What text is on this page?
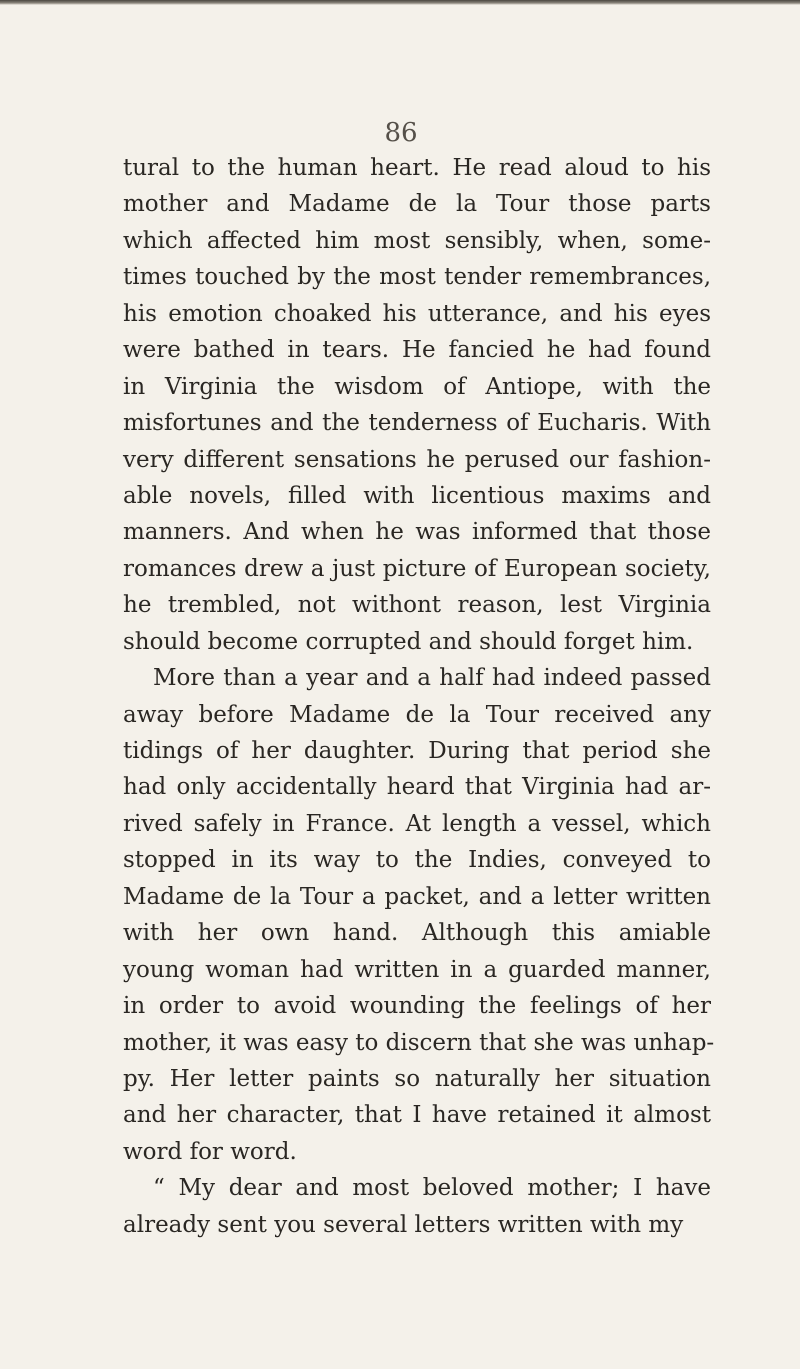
86
tural to the human heart. He read aloud to his
mother and Madame de la Tour those parts
which affected him most sensibly, when, some-
times touched by the most tender remembrances,
his emotion choaked his utterance, and his eyes
were bathed in tears. He fancied he had found
in Virginia the wisdom of Antiope, with the
misfortunes and the tenderness of Eucharis. With
very different sensations he perused our fashion-
able novels, filled with licentious maxims and
manners. And when he was informed that those
romances drew a just picture of European society,
he trembled, not withont reason, lest Virginia
should become corrupted and should forget him.
More than a year and a half had indeed passed
away before Madame de la Tour received any
tidings of her daughter. During that period she
had only accidentally heard that Virginia had ar-
rived safely in France. At length a vessel, which
stopped in its way to the Indies, conveyed to
Madame de la Tour a packet, and a letter written
with her own hand. Although this amiable
young woman had written in a guarded manner,
in order to avoid wounding the feelings of her
mother, it was easy to discern that she was unhap-
py. Her letter paints so naturally her situation
and her character, that I have retained it almost
word for word.
“ My dear and most beloved mother; I have
already sent you several letters written with my
